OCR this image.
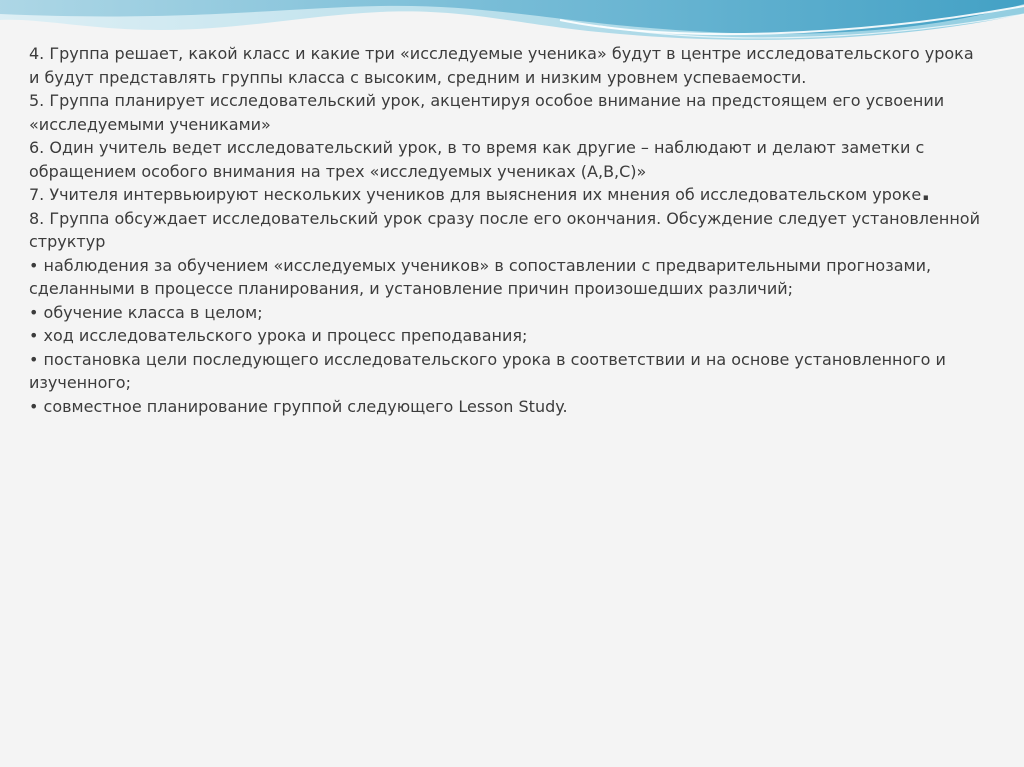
4. Группа решает, какой класс и какие три «исследуемые ученика» будут в центре исследовательского урока и будут представлять группы класса с высоким, средним и низким уровнем успеваемости.

5. Группа планирует исследовательский урок, акцентируя особое внимание на предстоящем его усвоении «исследуемыми учениками»

6. Один учитель ведет исследовательский урок, в то время как другие – наблюдают и делают заметки с обращением особого внимания на трех «исследуемых учениках (A,B,C)»

7. Учителя интервьюируют нескольких учеников для выяснения их мнения об исследовательском уроке.

8. Группа обсуждает исследовательский урок сразу после его окончания. Обсуждение следует установленной структур

• наблюдения за обучением «исследуемых учеников» в сопоставлении с предварительными прогнозами, сделанными в процессе планирования, и установление причин произошедших различий;

• обучение класса в целом;

• ход исследовательского урока и процесс преподавания;

• постановка цели последующего исследовательского урока в соответствии и на основе установленного и изученного;

• совместное планирование группой следующего Lesson Study.
